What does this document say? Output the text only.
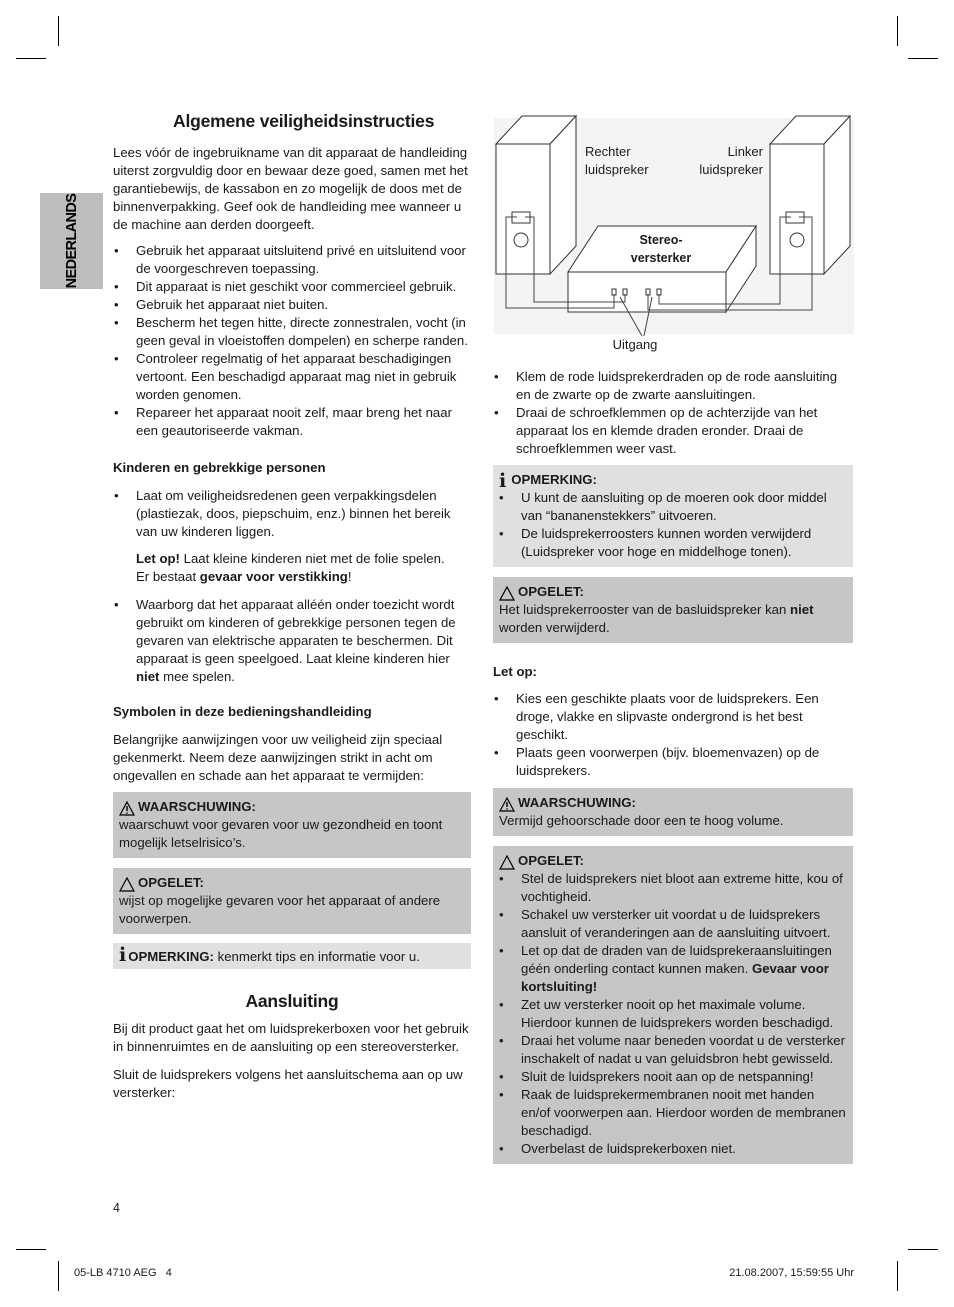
NEDERLANDS
Algemene veiligheidsinstructies

Lees vóór de ingebruikname van dit apparaat de handleiding uiterst zorgvuldig door en bewaar deze goed, samen met het garantiebewijs, de kassabon en zo mogelijk de doos met de binnenverpakking. Geef ook de handleiding mee wanneer u de machine aan derden doorgeeft.

• Gebruik het apparaat uitsluitend privé en uitsluitend voor de voorgeschreven toepassing.
• Dit apparaat is niet geschikt voor commercieel gebruik.
• Gebruik het apparaat niet buiten.
• Bescherm het tegen hitte, directe zonnestralen, vocht (in geen geval in vloeistoffen dompelen) en scherpe randen.
• Controleer regelmatig of het apparaat beschadigingen vertoont. Een beschadigd apparaat mag niet in gebruik worden genomen.
• Repareer het apparaat nooit zelf, maar breng het naar een geautoriseerde vakman.

Kinderen en gebrekkige personen

• Laat om veiligheidsredenen geen verpakkingsdelen (plastiezak, doos, piepschuim, enz.) binnen het bereik van uw kinderen liggen.
Let op! Laat kleine kinderen niet met de folie spelen.
Er bestaat gevaar voor verstikking!
• Waarborg dat het apparaat alléén onder toezicht wordt gebruikt om kinderen of gebrekkige personen tegen de gevaren van elektrische apparaten te beschermen. Dit apparaat is geen speelgoed. Laat kleine kinderen hier niet mee spelen.

Symbolen in deze bedieningshandleiding

Belangrijke aanwijzingen voor uw veiligheid zijn speciaal gekenmerkt. Neem deze aanwijzingen strikt in acht om ongevallen en schade aan het apparaat te vermijden:

WAARSCHUWING:

waarschuwt voor gevaren voor uw gezondheid en toont mogelijk letselrisico’s.

OPGELET:

wijst op mogelijke gevaren voor het apparaat of andere voorwerpen.

i OPMERKING: kenmerkt tips en informatie voor u.
Aansluiting

Bij dit product gaat het om luidsprekerboxen voor het gebruik in binnenruimtes en de aansluiting op een stereoversterker.

Sluit de luidsprekers volgens het aansluitschema aan op uw versterker:

Rechter
luidspreker
Linker
luidspreker
Stereo-
versterker
Uitgang
• Klem de rode luidsprekerdraden op de rode aansluiting en de zwarte op de zwarte aansluitingen.
• Draai de schroefklemmen op de achterzijde van het apparaat los en klemde draden eronder. Draai de schroefklemmen weer vast.
i OPMERKING:
• U kunt de aansluiting op de moeren ook door middel van “bananenstekkers” uitvoeren.
• De luidsprekerroosters kunnen worden verwijderd (Luidspreker voor hoge en middelhoge tonen).
OPGELET:

Het luidsprekerrooster van de basluidspreker kan niet worden verwijderd.

Let op:

• Kies een geschikte plaats voor de luidsprekers. Een droge, vlakke en slipvaste ondergrond is het best geschikt.
• Plaats geen voorwerpen (bijv. bloemenvazen) op de luidsprekers.
WAARSCHUWING:

Vermijd gehoorschade door een te hoog volume.

OPGELET:
• Stel de luidsprekers niet bloot aan extreme hitte, kou of vochtigheid.
• Schakel uw versterker uit voordat u de luidsprekers aansluit of veranderingen aan de aansluiting uitvoert.
• Let op dat de draden van de luidsprekeraansluitingen géén onderling contact kunnen maken. Gevaar voor kortsluiting!
• Zet uw versterker nooit op het maximale volume. Hierdoor kunnen de luidsprekers worden beschadigd.
• Draai het volume naar beneden voordat u de versterker inschakelt of nadat u van geluidsbron hebt gewisseld.
• Sluit de luidsprekers nooit aan op de netspanning!
• Raak de luidsprekermembranen nooit met handen en/of voorwerpen aan. Hierdoor worden de membranen beschadigd.
• Overbelast de luidsprekerboxen niet.
4
05-LB 4710 AEG   4	21.08.2007, 15:59:55 Uhr
